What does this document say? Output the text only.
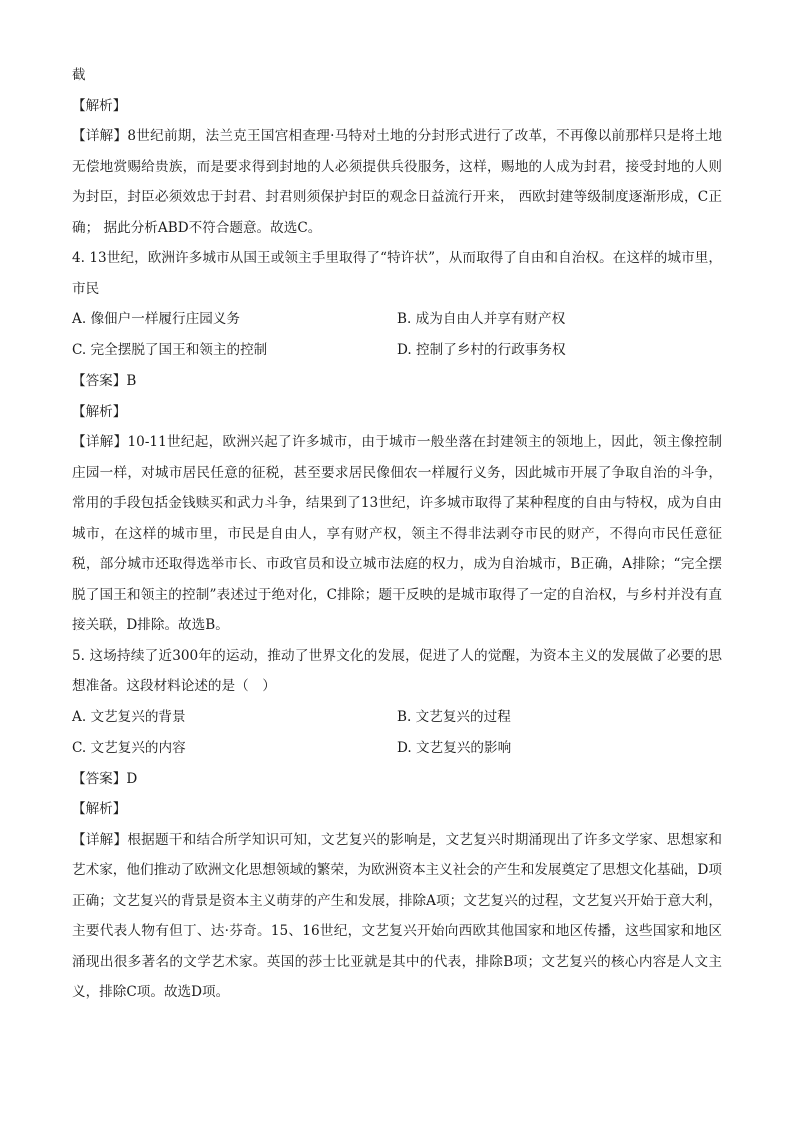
截
【解析】
【详解】8世纪前期，法兰克王国宫相查理·马特对土地的分封形式进行了改革，不再像以前那样只是将土地无偿地赏赐给贵族，而是要求得到封地的人必须提供兵役服务，这样，赐地的人成为封君，接受封地的人则为封臣，封臣必须效忠于封君、封君则须保护封臣的观念日益流行开来， 西欧封建等级制度逐渐形成，C正确； 据此分析ABD不符合题意。故选C。
4. 13世纪，欧洲许多城市从国王或领主手里取得了“特许状”，从而取得了自由和自治权。在这样的城市里，市民
A. 像佃户一样履行庄园义务	B. 成为自由人并享有财产权
C. 完全摆脱了国王和领主的控制	D. 控制了乡村的行政事务权
【答案】B
【解析】
【详解】10-11世纪起，欧洲兴起了许多城市，由于城市一般坐落在封建领主的领地上，因此，领主像控制庄园一样，对城市居民任意的征税，甚至要求居民像佃农一样履行义务，因此城市开展了争取自治的斗争，常用的手段包括金钱赎买和武力斗争，结果到了13世纪，许多城市取得了某种程度的自由与特权，成为自由城市，在这样的城市里，市民是自由人，享有财产权，领主不得非法剥夺市民的财产，不得向市民任意征税，部分城市还取得选举市长、市政官员和设立城市法庭的权力，成为自治城市，B正确，A排除；“完全摆脱了国王和领主的控制”表述过于绝对化，C排除；题干反映的是城市取得了一定的自治权，与乡村并没有直接关联，D排除。故选B。
5. 这场持续了近300年的运动，推动了世界文化的发展，促进了人的觉醒，为资本主义的发展做了必要的思想准备。这段材料论述的是（　）
A. 文艺复兴的背景	B. 文艺复兴的过程
C. 文艺复兴的内容	D. 文艺复兴的影响
【答案】D
【解析】
【详解】根据题干和结合所学知识可知，文艺复兴的影响是，文艺复兴时期涌现出了许多文学家、思想家和艺术家，他们推动了欧洲文化思想领域的繁荣，为欧洲资本主义社会的产生和发展奠定了思想文化基础，D项正确；文艺复兴的背景是资本主义萌芽的产生和发展，排除A项；文艺复兴的过程，文艺复兴开始于意大利，主要代表人物有但丁、达·芬奇。15、16世纪，文艺复兴开始向西欧其他国家和地区传播，这些国家和地区涌现出很多著名的文学艺术家。英国的莎士比亚就是其中的代表，排除B项；文艺复兴的核心内容是人文主义，排除C项。故选D项。
